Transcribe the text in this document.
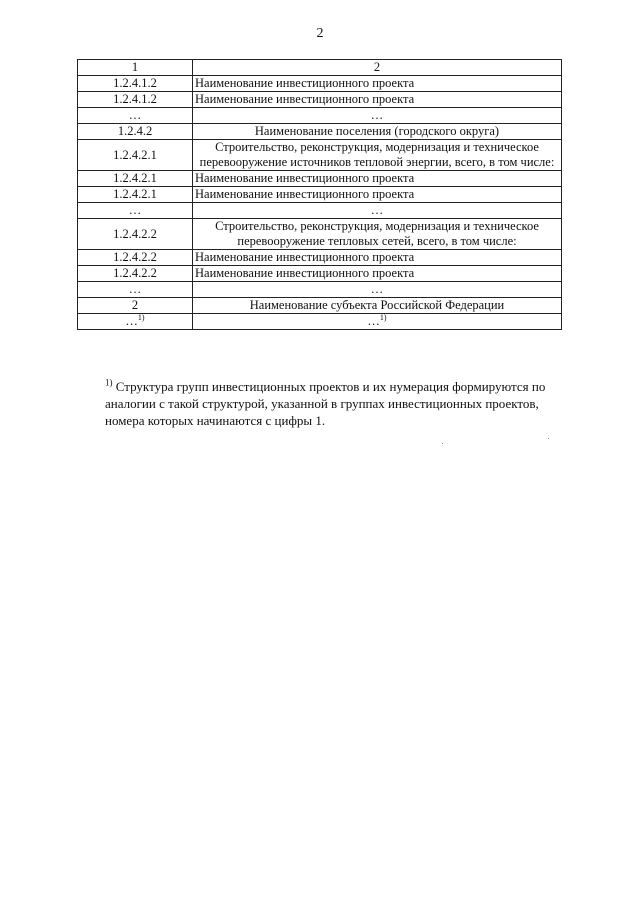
2
1	2
1.2.4.1.2	Наименование инвестиционного проекта
1.2.4.1.2	Наименование инвестиционного проекта
…	…
1.2.4.2	Наименование поселения (городского округа)
1.2.4.2.1	Строительство, реконструкция, модернизация и техническое перевооружение источников тепловой энергии, всего, в том числе:
1.2.4.2.1	Наименование инвестиционного проекта
1.2.4.2.1	Наименование инвестиционного проекта
…	…
1.2.4.2.2	Строительство, реконструкция, модернизация и техническое перевооружение тепловых сетей, всего, в том числе:
1.2.4.2.2	Наименование инвестиционного проекта
1.2.4.2.2	Наименование инвестиционного проекта
…	…
2	Наименование субъекта Российской Федерации
…$^{1)}$	…$^{1)}$
$^{1)}$ Структура групп инвестиционных проектов и их нумерация формируются по аналогии с такой структурой, указанной в группах инвестиционных проектов, номера которых начинаются с цифры 1.
